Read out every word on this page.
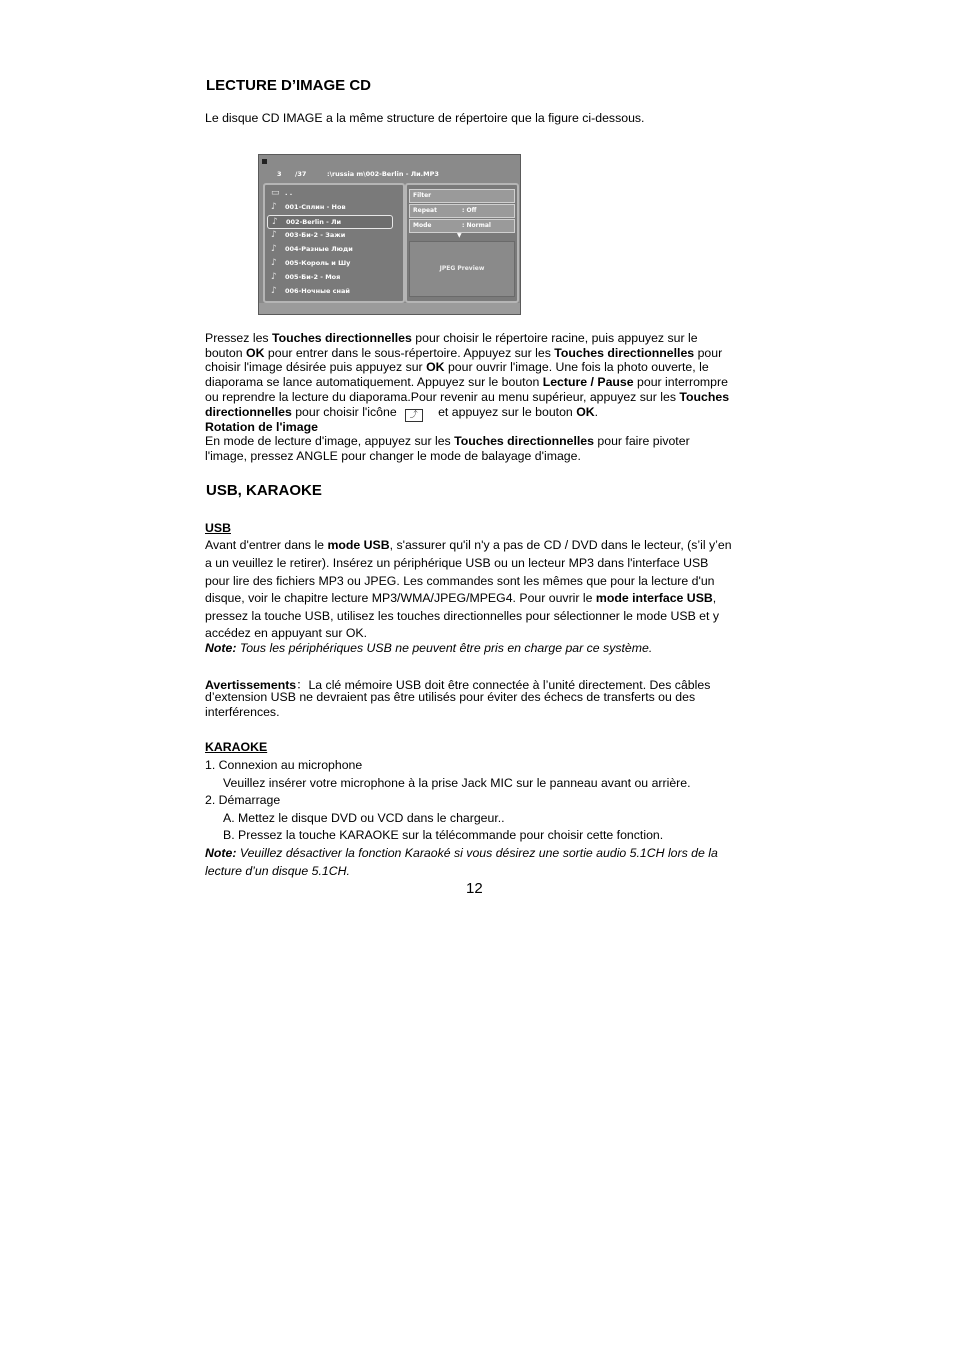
LECTURE D’IMAGE CD
Le disque CD IMAGE a la même structure de répertoire que la figure ci-dessous.
3 /37	:\russia m\002-Berlin - Ли.MP3
▭ . .
♪	001-Сплин - Нов
♪	002-Berlin - Ли
♪	003-Би-2 - Зажи
♪	004-Разные Люди
♪	005-Король и Шу
♪	005-Би-2 - Моя
♪	006-Ночные снай
Filter
Repeat	: Off
Mode	: Normal
▼
JPEG Preview
Pressez les Touches directionnelles pour choisir le répertoire racine, puis appuyez sur le
bouton OK pour entrer dans le sous-répertoire. Appuyez sur les Touches directionnelles pour
choisir l'image désirée puis appuyez sur OK pour ouvrir l'image. Une fois la photo ouverte, le
diaporama se lance automatiquement. Appuyez sur le bouton Lecture / Pause pour interrompre
ou reprendre la lecture du diaporama.Pour revenir au menu supérieur, appuyez sur les Touches
directionnelles pour choisir l'icône ⤴ et appuyez sur le bouton OK.
Rotation de l'image
En mode de lecture d'image, appuyez sur les Touches directionnelles pour faire pivoter
l'image, pressez ANGLE pour changer le mode de balayage d'image.
USB, KARAOKE
USB
Avant d'entrer dans le mode USB, s'assurer qu'il n'y a pas de CD / DVD dans le lecteur, (s’il y’en
a un veuillez le retirer). Insérez un périphérique USB ou un lecteur MP3 dans l'interface USB
pour lire des fichiers MP3 ou JPEG. Les commandes sont les mêmes que pour la lecture d'un
disque, voir le chapitre lecture MP3/WMA/JPEG/MPEG4. Pour ouvrir le mode interface USB,
pressez la touche USB, utilisez les touches directionnelles pour sélectionner le mode USB et y
accédez en appuyant sur OK.
Note: Tous les périphériques USB ne peuvent être pris en charge par ce système.
Avertissements：La clé mémoire USB doit être connectée à l’unité directement. Des câbles
d’extension USB ne devraient pas être utilisés pour éviter des échecs de transferts ou des
interférences.
KARAOKE
1. Connexion au microphone
Veuillez insérer votre microphone à la prise Jack MIC sur le panneau avant ou arrière.
2. Démarrage
A. Mettez le disque DVD ou VCD dans le chargeur..
B. Pressez la touche KARAOKE sur la télécommande pour choisir cette fonction.
Note: Veuillez désactiver la fonction Karaoké si vous désirez une sortie audio 5.1CH lors de la
lecture d’un disque 5.1CH.
12
